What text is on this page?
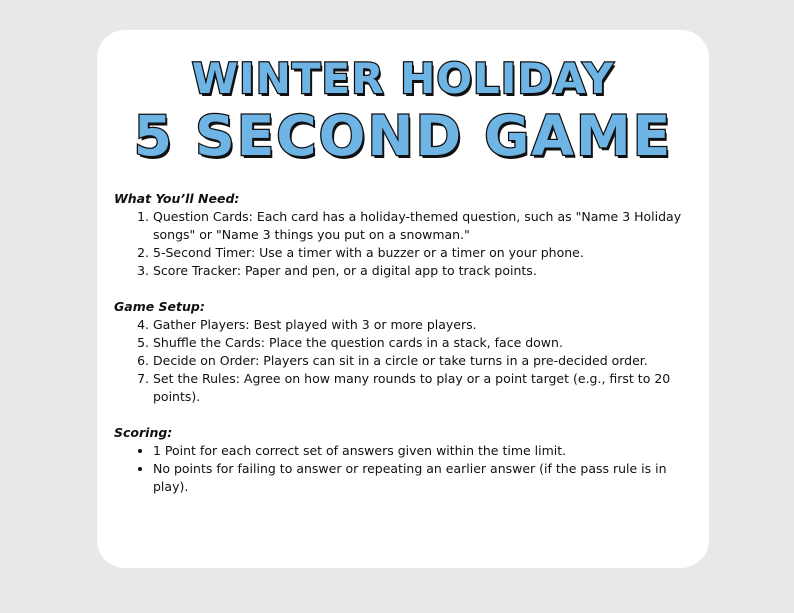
WINTER HOLIDAY
5 SECOND GAME

What You’ll Need:

1. Question Cards: Each card has a holiday-themed question, such as "Name 3 Holiday songs" or "Name 3 things you put on a snowman."
2. 5-Second Timer: Use a timer with a buzzer or a timer on your phone.
3. Score Tracker: Paper and pen, or a digital app to track points.

Game Setup:

4. Gather Players: Best played with 3 or more players.
5. Shuffle the Cards: Place the question cards in a stack, face down.
6. Decide on Order: Players can sit in a circle or take turns in a pre-decided order.
7. Set the Rules: Agree on how many rounds to play or a point target (e.g., first to 20 points).

Scoring:

• 1 Point for each correct set of answers given within the time limit.
• No points for failing to answer or repeating an earlier answer (if the pass rule is in play).
